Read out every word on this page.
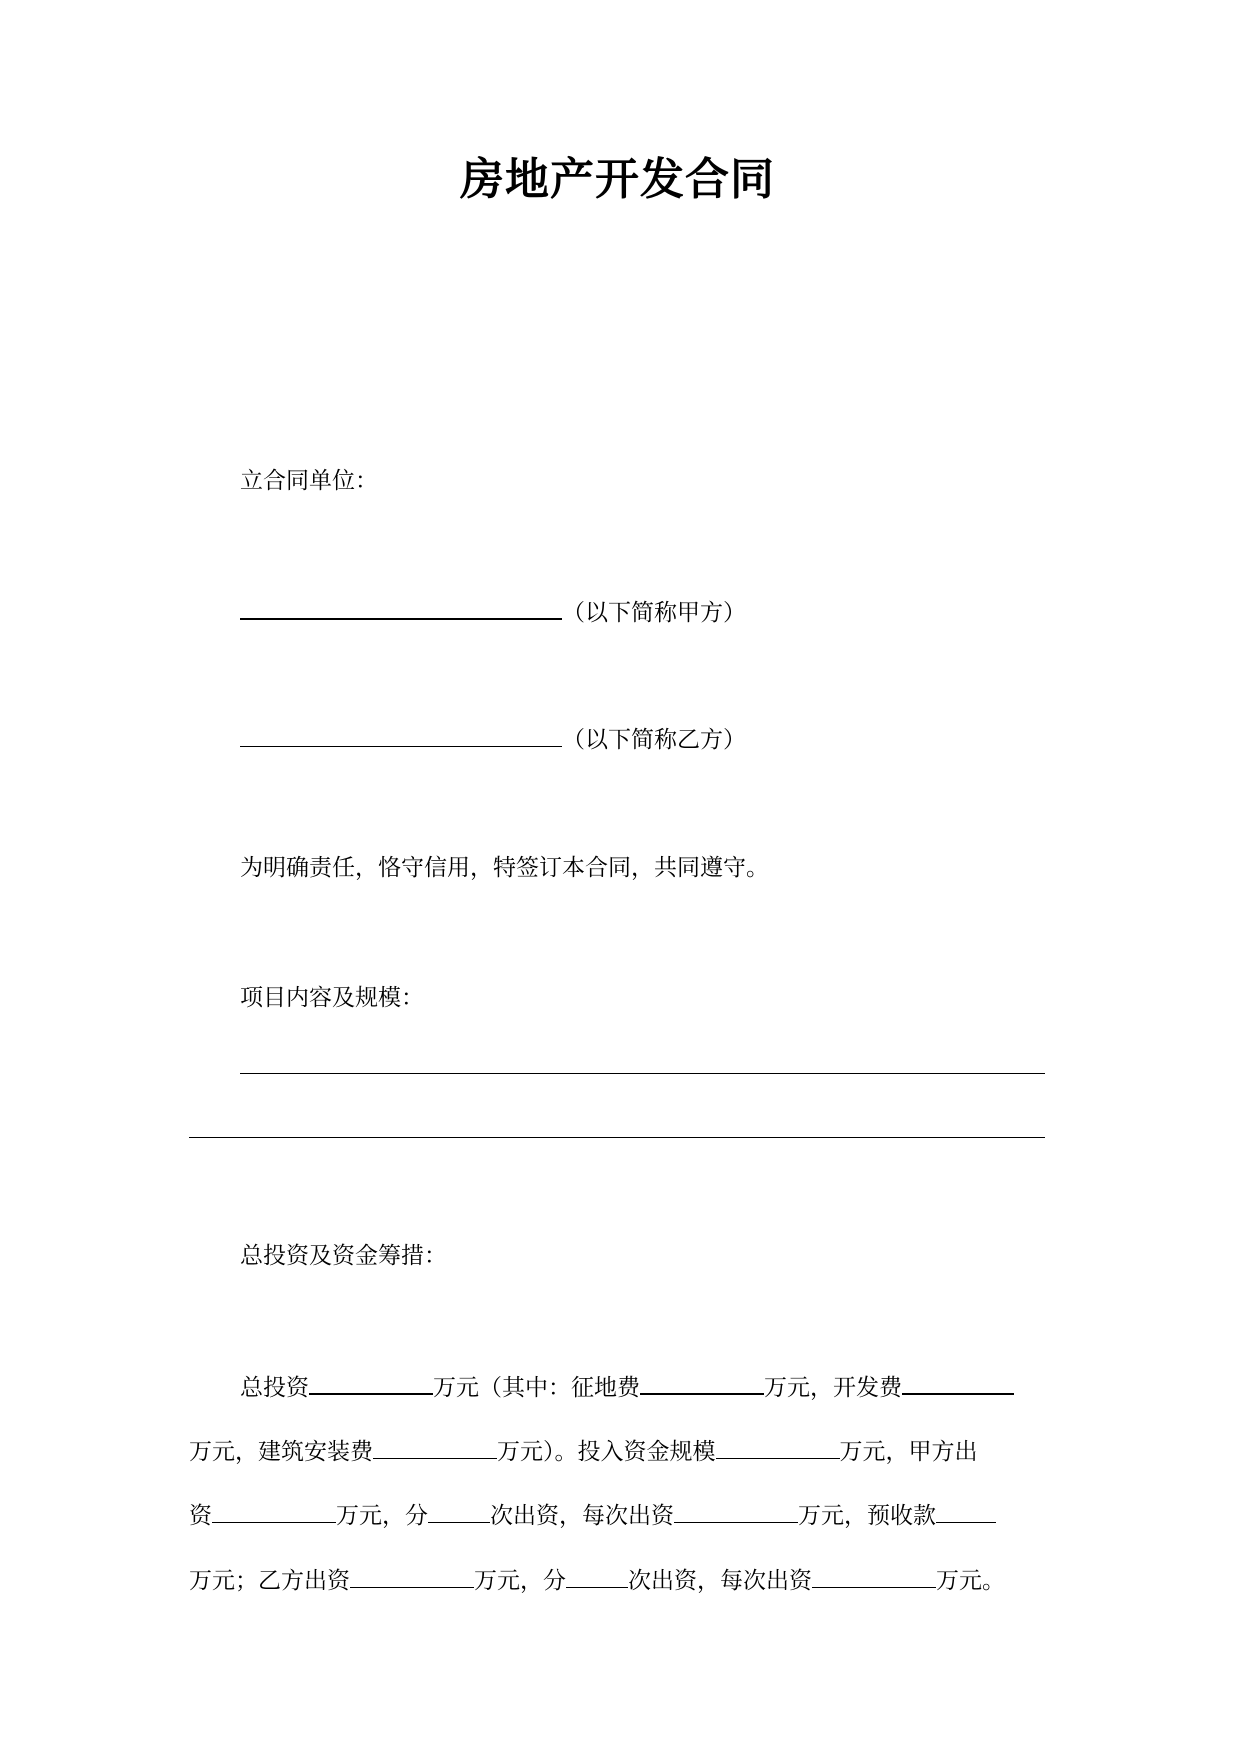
房地产开发合同
立合同单位：
（以下简称甲方）
（以下简称乙方）
为明确责任，恪守信用，特签订本合同，共同遵守。
项目内容及规模：
总投资及资金筹措：
总投资	万元（其中：征地费	万元，开发费
万元，建筑安装费	万元）。投入资金规模	万元，甲方出
资	万元，分	次出资，每次出资	万元，预收款
万元；乙方出资	万元，分	次出资，每次出资	万元。
